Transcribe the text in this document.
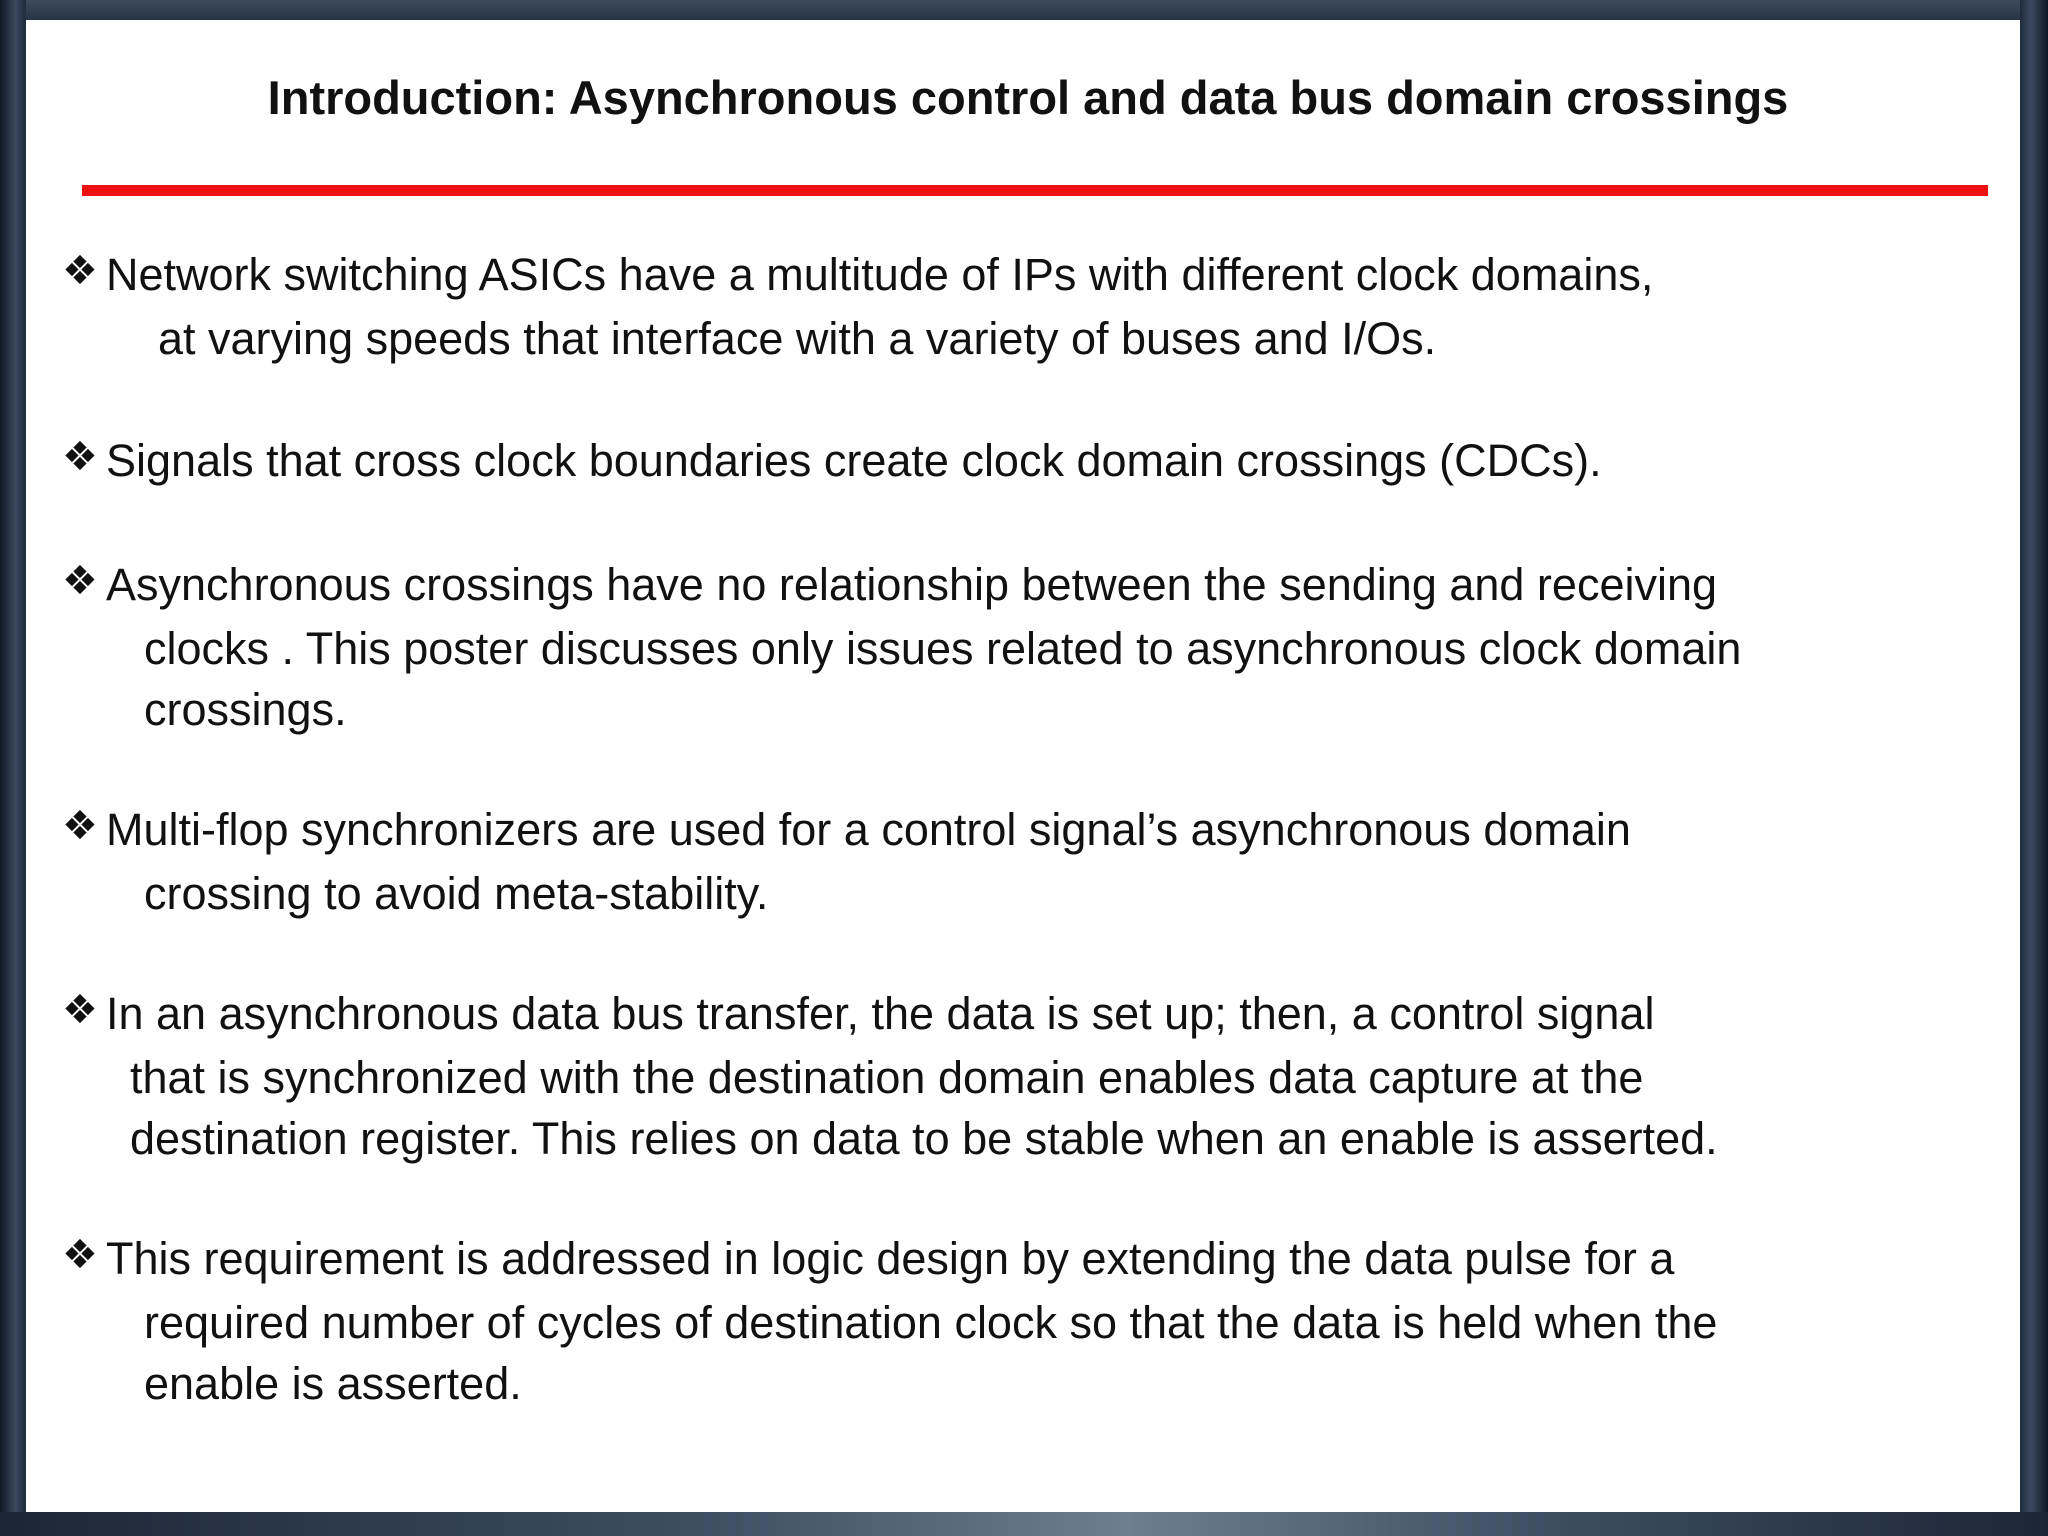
Introduction: Asynchronous control and data bus domain crossings
❖ Network switching ASICs have a multitude of IPs with different clock domains,
at varying speeds that interface with a variety of buses and I/Os.
❖ Signals that cross clock boundaries create clock domain crossings (CDCs).
❖ Asynchronous crossings have no relationship between the sending and receiving
clocks . This poster discusses only issues related to asynchronous clock domain
crossings.
❖ Multi-flop synchronizers are used for a control signal’s asynchronous domain
crossing to avoid meta-stability.
❖ In an asynchronous data bus transfer, the data is set up; then, a control signal
that is synchronized with the destination domain enables data capture at the
destination register. This relies on data to be stable when an enable is asserted.
❖ This requirement is addressed in logic design by extending the data pulse for a
required number of cycles of destination clock so that the data is held when the
enable is asserted.
